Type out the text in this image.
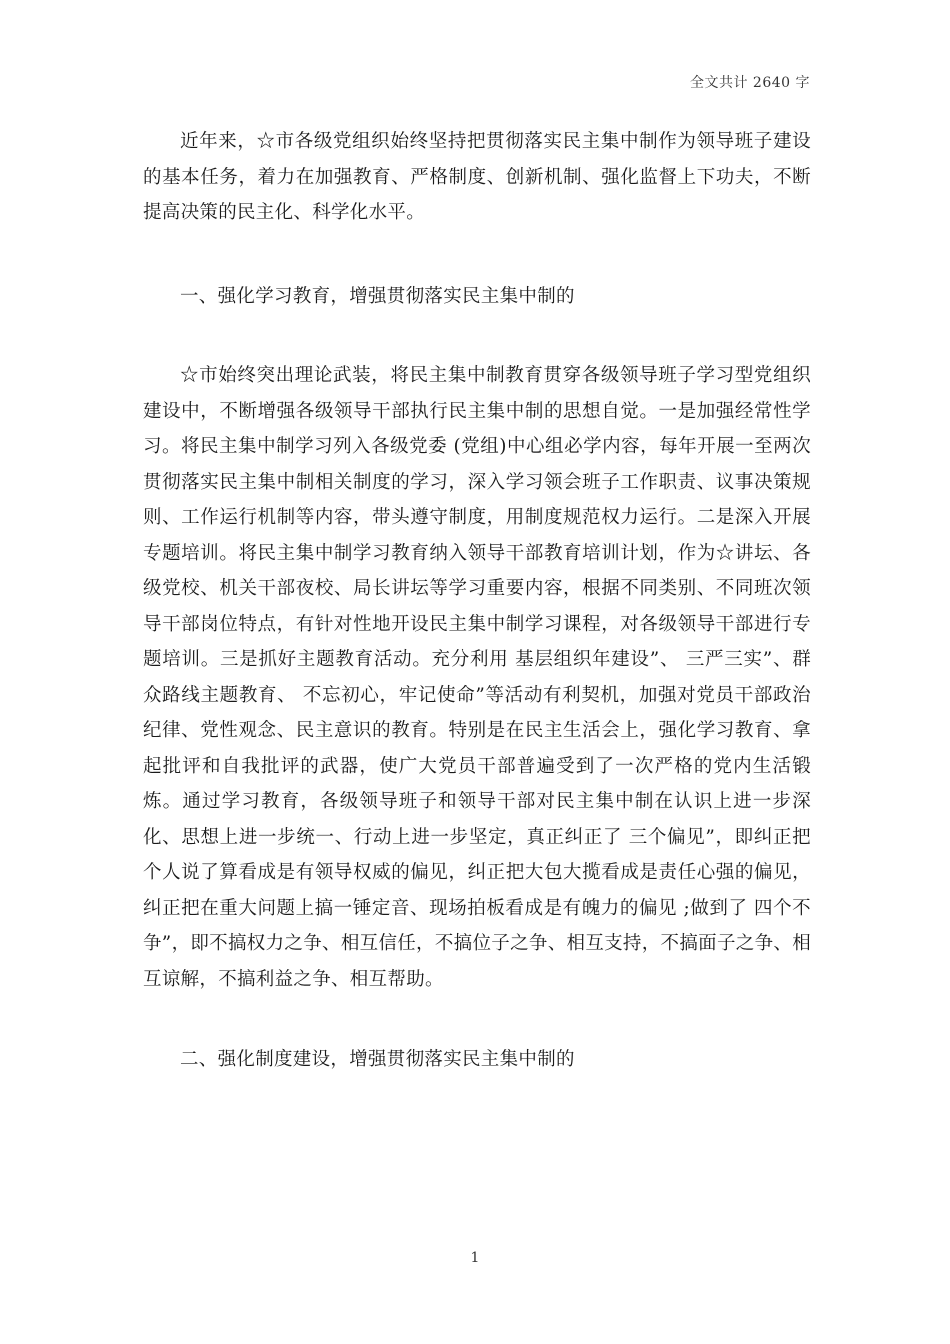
全文共计 2640 字

近年来，☆市各级党组织始终坚持把贯彻落实民主集中制作为领导班子建设的基本任务，着力在加强教育、严格制度、创新机制、强化监督上下功夫，不断提高决策的民主化、科学化水平。

一、强化学习教育，增强贯彻落实民主集中制的

☆市始终突出理论武装，将民主集中制教育贯穿各级领导班子学习型党组织建设中，不断增强各级领导干部执行民主集中制的思想自觉。一是加强经常性学习。将民主集中制学习列入各级党委 (党组)中心组必学内容，每年开展一至两次贯彻落实民主集中制相关制度的学习，深入学习领会班子工作职责、议事决策规则、工作运行机制等内容，带头遵守制度，用制度规范权力运行。二是深入开展专题培训。将民主集中制学习教育纳入领导干部教育培训计划，作为☆讲坛、各级党校、机关干部夜校、局长讲坛等学习重要内容，根据不同类别、不同班次领导干部岗位特点，有针对性地开设民主集中制学习课程，对各级领导干部进行专题培训。三是抓好主题教育活动。充分利用 基层组织年建设”、 三严三实”、群众路线主题教育、 不忘初心，牢记使命”等活动有利契机，加强对党员干部政治纪律、党性观念、民主意识的教育。特别是在民主生活会上，强化学习教育、拿起批评和自我批评的武器，使广大党员干部普遍受到了一次严格的党内生活锻炼。通过学习教育，各级领导班子和领导干部对民主集中制在认识上进一步深化、思想上进一步统一、行动上进一步坚定，真正纠正了 三个偏见”，即纠正把个人说了算看成是有领导权威的偏见，纠正把大包大揽看成是责任心强的偏见，纠正把在重大问题上搞一锤定音、现场拍板看成是有魄力的偏见 ;做到了 四个不争”，即不搞权力之争、相互信任，不搞位子之争、相互支持，不搞面子之争、相互谅解，不搞利益之争、相互帮助。

二、强化制度建设，增强贯彻落实民主集中制的

1
